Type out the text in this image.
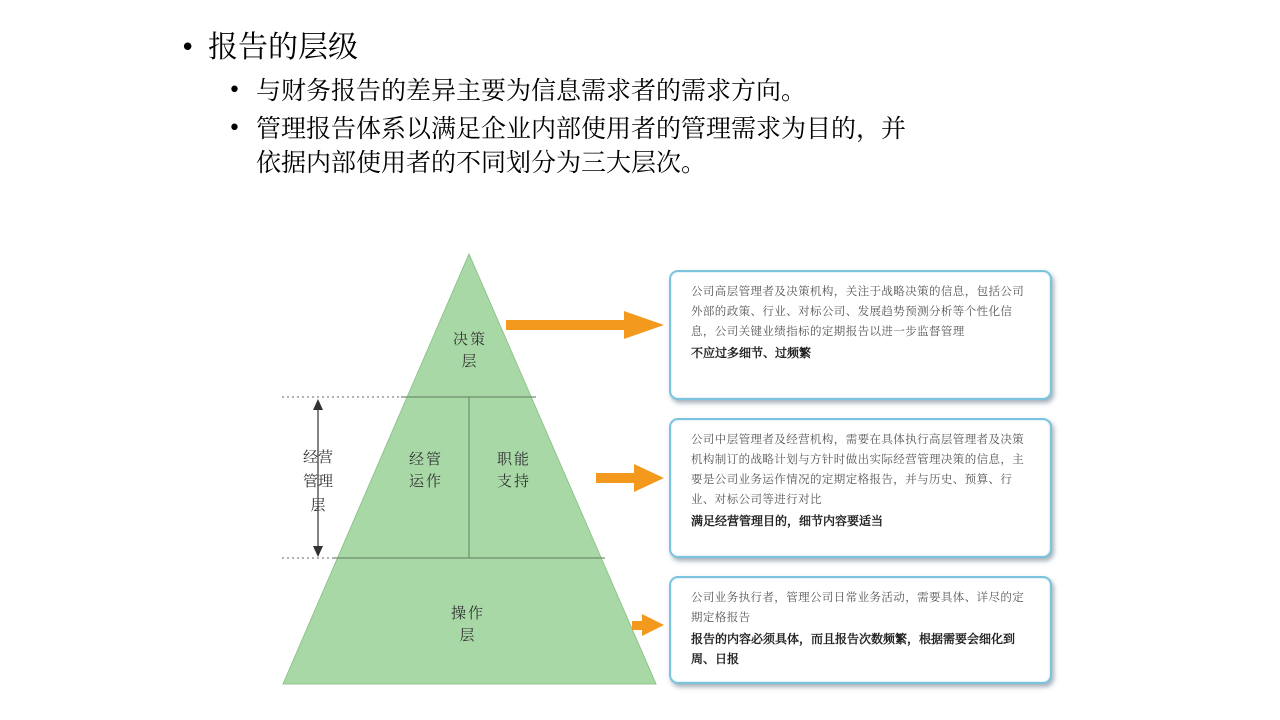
• 报告的层级
• 与财务报告的差异主要为信息需求者的需求方向。
• 管理报告体系以满足企业内部使用者的管理需求为目的，并
依据内部使用者的不同划分为三大层次。
决策
层
经管
运作
职能
支持
操作
层
经营
管理
层
公司高层管理者及决策机构，关注于战略决策的信息，包括公司外部的政策、行业、对标公司、发展趋势预测分析等个性化信息，公司关键业绩指标的定期报告以进一步监督管理
不应过多细节、过频繁
公司中层管理者及经营机构，需要在具体执行高层管理者及决策机构制订的战略计划与方针时做出实际经营管理决策的信息，主要是公司业务运作情况的定期定格报告，并与历史、预算、行业、对标公司等进行对比
满足经营管理目的，细节内容要适当
公司业务执行者，管理公司日常业务活动，需要具体、详尽的定期定格报告
报告的内容必须具体，而且报告次数频繁，根据需要会细化到周、日报
